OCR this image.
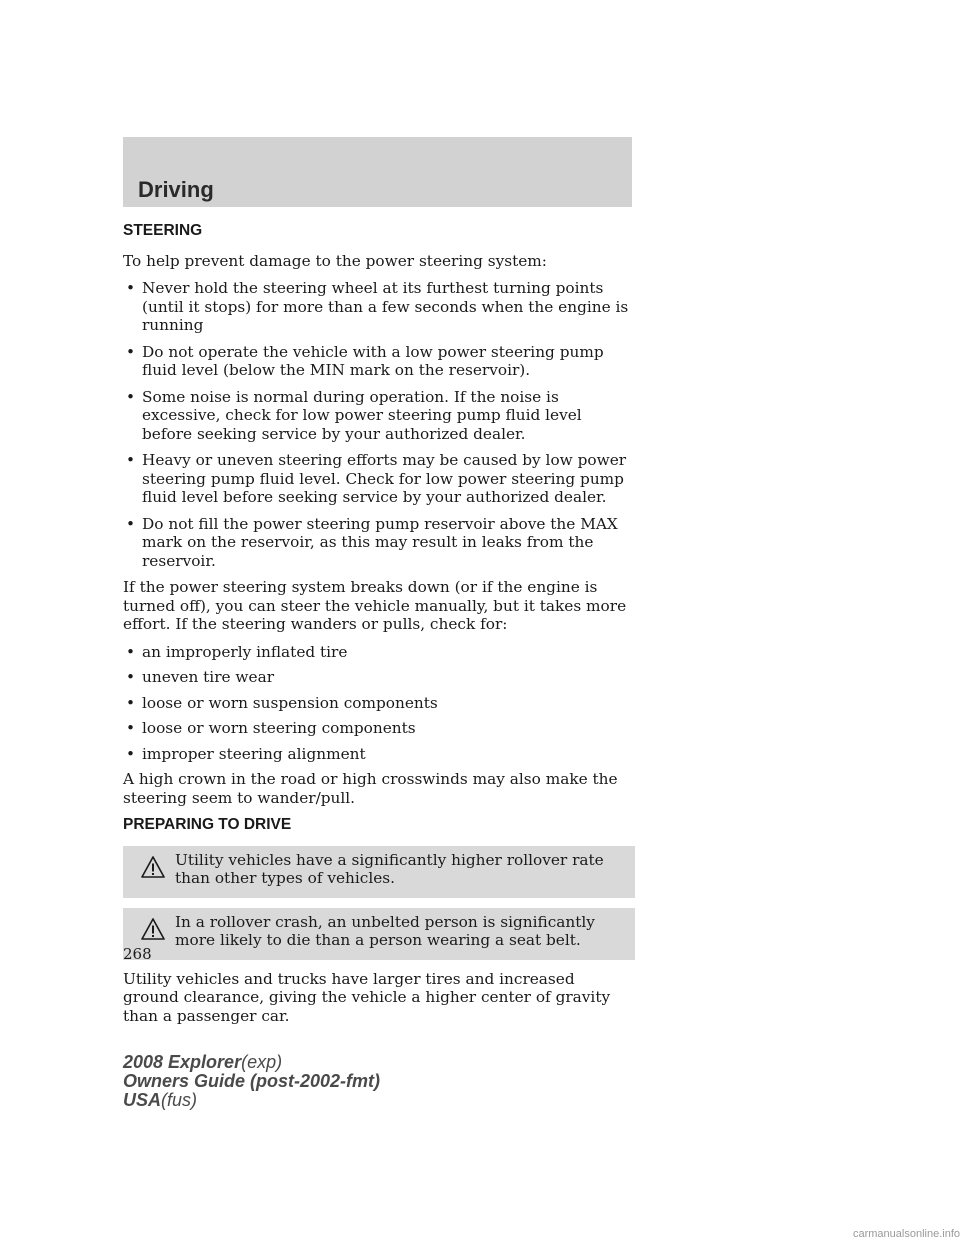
Driving
STEERING

To help prevent damage to the power steering system:

• Never hold the steering wheel at its furthest turning points (until it stops) for more than a few seconds when the engine is running
• Do not operate the vehicle with a low power steering pump fluid level (below the MIN mark on the reservoir).
• Some noise is normal during operation. If the noise is excessive, check for low power steering pump fluid level before seeking service by your authorized dealer.
• Heavy or uneven steering efforts may be caused by low power steering pump fluid level. Check for low power steering pump fluid level before seeking service by your authorized dealer.
• Do not fill the power steering pump reservoir above the MAX mark on the reservoir, as this may result in leaks from the reservoir.

If the power steering system breaks down (or if the engine is turned off), you can steer the vehicle manually, but it takes more effort. If the steering wanders or pulls, check for:

• an improperly inflated tire
• uneven tire wear
• loose or worn suspension components
• loose or worn steering components
• improper steering alignment

A high crown in the road or high crosswinds may also make the steering seem to wander/pull.

PREPARING TO DRIVE
Utility vehicles have a significantly higher rollover rate than other types of vehicles.
In a rollover crash, an unbelted person is significantly more likely to die than a person wearing a seat belt.

Utility vehicles and trucks have larger tires and increased ground clearance, giving the vehicle a higher center of gravity than a passenger car.

268
2008 Explorer(exp)
Owners Guide (post-2002-fmt)
USA(fus)
carmanualsonline.info
